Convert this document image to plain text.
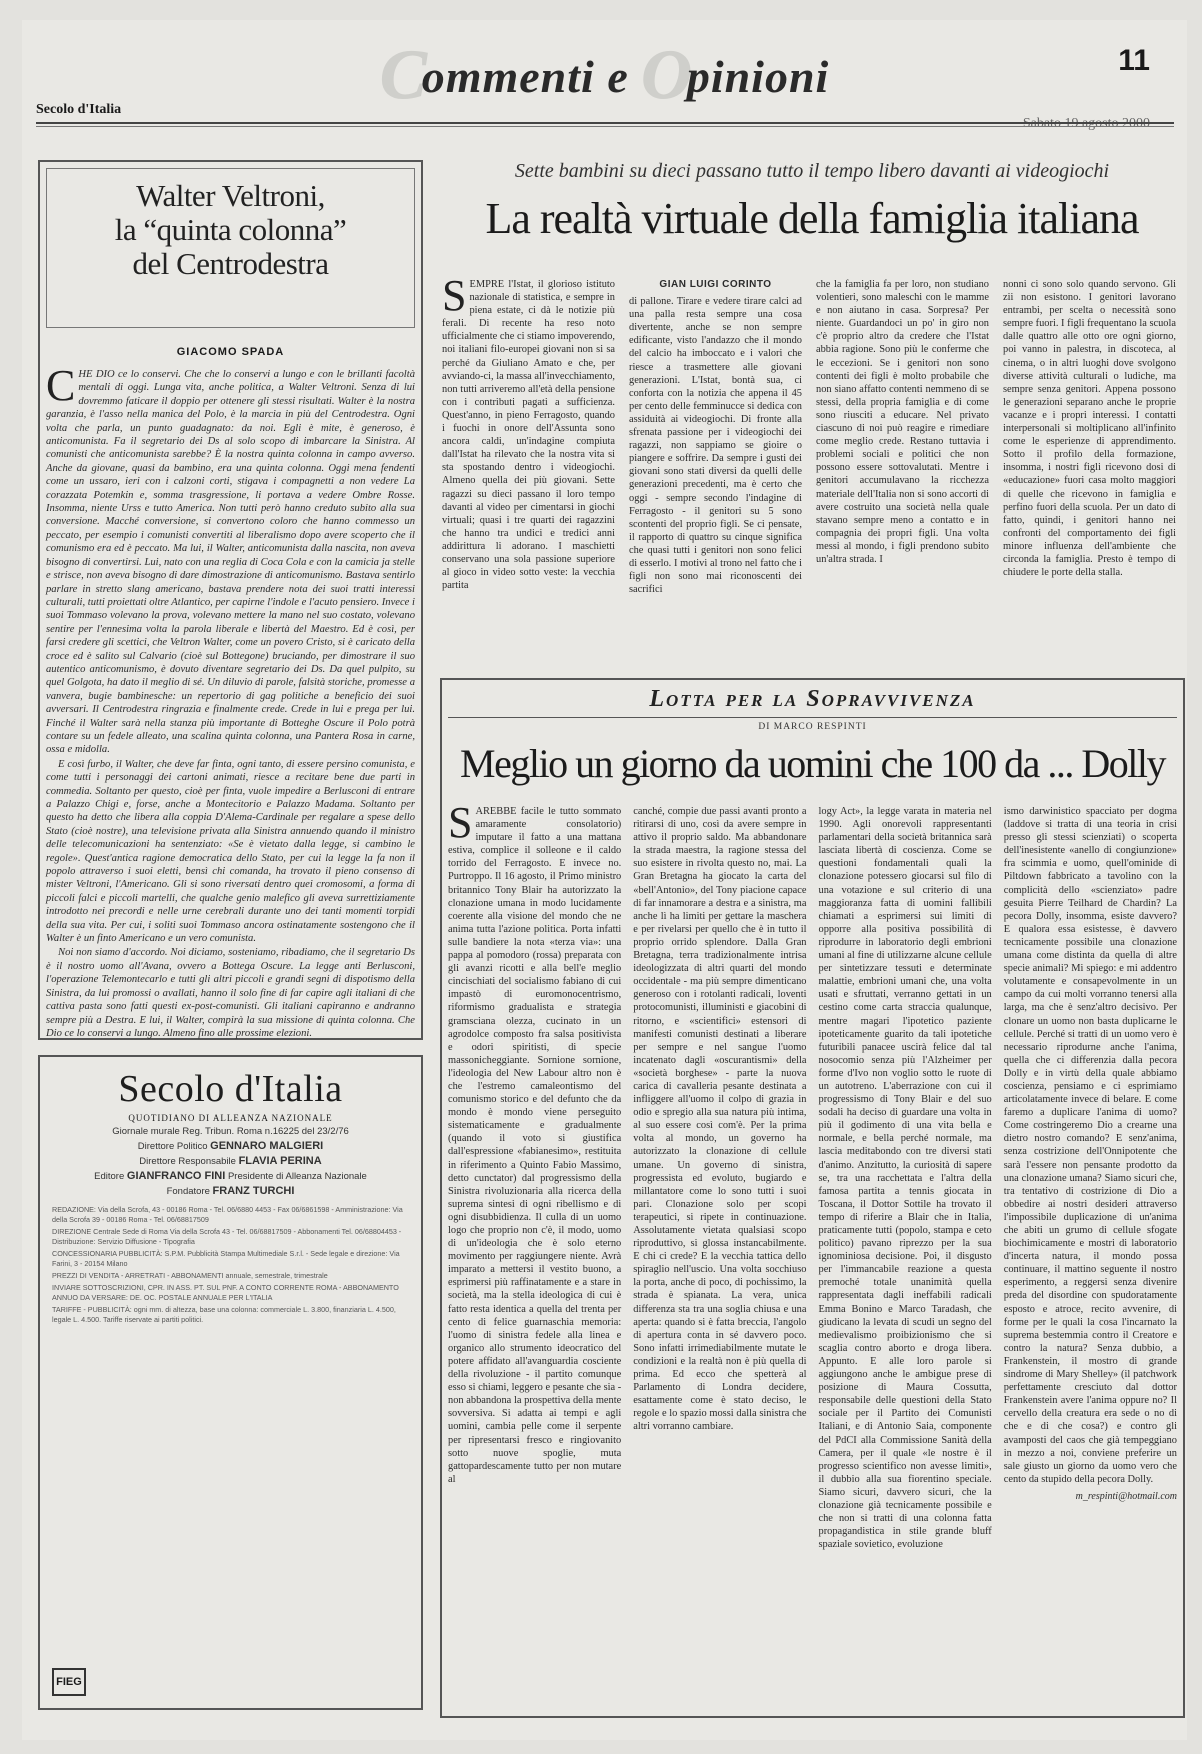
Commenti e Opinioni
Secolo d'Italia
11
Walter Veltroni,
la “quinta colonna”
del Centrodestra
GIACOMO SPADA

CHE DIO ce lo conservi. Che che lo conservi a lungo e con le brillanti facoltà mentali di oggi. Lunga vita, anche politica, a Walter Veltroni. Senza di lui dovremmo faticare il doppio per ottenere gli stessi risultati. Walter è la nostra garanzia, è l'asso nella manica del Polo, è la marcia in più del Centrodestra. Ogni volta che parla, un punto guadagnato: da noi. Egli è mite, è generoso, è anticomunista. Fa il segretario dei Ds al solo scopo di imbarcare la Sinistra. Al comunisti che anticomunista sarebbe? È la nostra quinta colonna in campo avverso. Anche da giovane, quasi da bambino, era una quinta colonna. Oggi mena fendenti come un ussaro, ieri con i calzoni corti, stigava i compagnetti a non vedere La corazzata Potemkin e, somma trasgressione, li portava a vedere Ombre Rosse. Insomma, niente Urss e tutto America. Non tutti però hanno creduto subito alla sua conversione. Macché conversione, si convertono coloro che hanno commesso un peccato, per esempio i comunisti convertiti al liberalismo dopo avere scoperto che il comunismo era ed è peccato. Ma lui, il Walter, anticomunista dalla nascita, non aveva bisogno di convertirsi. Lui, nato con una reglia di Coca Cola e con la camicia ja stelle e strisce, non aveva bisogno di dare dimostrazione di anticomunismo. Bastava sentirlo parlare in stretto slang americano, bastava prendere nota dei suoi tratti interessi culturali, tutti proiettati oltre Atlantico, per capirne l'indole e l'acuto pensiero. Invece i suoi Tommaso volevano la prova, volevano mettere la mano nel suo costato, volevano sentire per l'ennesima volta la parola liberale e libertà del Maestro. Ed è così, per farsi credere gli scettici, che Veltron Walter, come un povero Cristo, si è caricato della croce ed è salito sul Calvario (cioè sul Bottegone) bruciando, per dimostrare il suo autentico anticomunismo, è dovuto diventare segretario dei Ds. Da quel pulpito, su quel Golgota, ha dato il meglio di sé. Un diluvio di parole, falsità storiche, promesse a vanvera, bugie bambinesche: un repertorio di gag politiche a beneficio dei suoi avversari. Il Centrodestra ringrazia e finalmente crede. Crede in lui e prega per lui. Finché il Walter sarà nella stanza più importante di Botteghe Oscure il Polo potrà contare su un fedele alleato, una scalina quinta colonna, una Pantera Rosa in carne, ossa e midolla.

E così furbo, il Walter, che deve far finta, ogni tanto, di essere persino comunista, e come tutti i personaggi dei cartoni animati, riesce a recitare bene due parti in commedia. Soltanto per questo, cioè per finta, vuole impedire a Berlusconi di entrare a Palazzo Chigi e, forse, anche a Montecitorio e Palazzo Madama. Soltanto per questo ha detto che libera alla coppia D'Alema-Cardinale per regalare a spese dello Stato (cioè nostre), una televisione privata alla Sinistra annuendo quando il ministro delle telecomunicazioni ha sentenziato: «Se è vietato dalla legge, si cambino le regole». Quest'antica ragione democratica dello Stato, per cui la legge la fa non il popolo attraverso i suoi eletti, bensì chi comanda, ha trovato il pieno consenso di mister Veltroni, l'Americano. Gli si sono riversati dentro quei cromosomi, a forma di piccoli falci e piccoli martelli, che qualche genio malefico gli aveva surrettiziamente introdotto nei precordi e nelle urne cerebrali durante uno dei tanti momenti torpidi della sua vita. Per cui, i soliti suoi Tommaso ancora ostinatamente sostengono che il Walter è un finto Americano e un vero comunista.

Noi non siamo d'accordo. Noi diciamo, sosteniamo, ribadiamo, che il segretario Ds è il nostro uomo all'Avana, ovvero a Bottega Oscure. La legge anti Berlusconi, l'operazione Telemontecarlo e tutti gli altri piccoli e grandi segni di dispotismo della Sinistra, da lui promossi o avallati, hanno il solo fine di far capire agli italiani di che cattiva pasta sono fatti questi ex-post-comunisti. Gli italiani capiranno e andranno sempre più a Destra. E lui, il Walter, compirà la sua missione di quinta colonna. Che Dio ce lo conservi a lungo. Almeno fino alle prossime elezioni.

Secolo d'Italia
QUOTIDIANO DI ALLEANZA NAZIONALE
Giornale murale Reg. Tribun. Roma n.16225 del 23/2/76
Direttore Politico GENNARO MALGIERI
Direttore Responsabile FLAVIA PERINA
Editore GIANFRANCO FINI Presidente di Alleanza Nazionale
Fondatore FRANZ TURCHI

REDAZIONE: Via della Scrofa, 43 - 00186 Roma - Tel. 06/6880 4453 - Fax 06/6861598 - Amministrazione: Via della Scrofa 39 - 00186 Roma - Tel. 06/68817509

DIREZIONE Centrale Sede di Roma Via della Scrofa 43 - Tel. 06/68817509 - Abbonamenti Tel. 06/68804453 - Distribuzione: Servizio Diffusione - Tipografia

CONCESSIONARIA PUBBLICITÀ: S.P.M. Pubblicità Stampa Multimediale S.r.l. - Sede legale e direzione: Via Farini, 3 - 20154 Milano

PREZZI DI VENDITA - ARRETRATI - ABBONAMENTI annuale, semestrale, trimestrale

INVIARE SOTTOSCRIZIONI, CPR. IN ASS. PT. SUL PNF. A CONTO CORRENTE ROMA - ABBONAMENTO ANNUO DA VERSARE: DE. OC. POSTALE ANNUALE PER L'ITALIA

TARIFFE - PUBBLICITÀ: ogni mm. di altezza, base una colonna: commerciale L. 3.800, finanziaria L. 4.500, legale L. 4.500. Tariffe riservate ai partiti politici.

FIEG
Sette bambini su dieci passano tutto il tempo libero davanti ai videogiochi
La realtà virtuale della famiglia italiana

SEMPRE l'Istat, il glorioso istituto nazionale di statistica, e sempre in piena estate, ci dà le notizie più ferali. Di recente ha reso noto ufficialmente che ci stiamo impoverendo, noi italiani filo-europei giovani non si sa perché da Giuliano Amato e che, per avviando-ci, la massa all'invecchiamento, non tutti arriveremo all'età della pensione con i contributi pagati a sufficienza. Quest'anno, in pieno Ferragosto, quando i fuochi in onore dell'Assunta sono ancora caldi, un'indagine compiuta dall'Istat ha rilevato che la nostra vita si sta spostando dentro i videogiochi. Almeno quella dei più giovani. Sette ragazzi su dieci passano il loro tempo davanti al video per cimentarsi in giochi virtuali; quasi i tre quarti dei ragazzini che hanno tra undici e tredici anni addirittura li adorano. I maschietti conservano una sola passione superiore al gioco in video sotto veste: la vecchia partita

GIAN LUIGI CORINTO

di pallone. Tirare e vedere tirare calci ad una palla resta sempre una cosa divertente, anche se non sempre edificante, visto l'andazzo che il mondo del calcio ha imboccato e i valori che riesce a trasmettere alle giovani generazioni. L'Istat, bontà sua, ci conforta con la notizia che appena il 45 per cento delle femminucce si dedica con assiduità ai videogiochi. Di fronte alla sfrenata passione per i videogiochi dei ragazzi, non sappiamo se gioire o piangere e soffrire. Da sempre i gusti dei giovani sono stati diversi da quelli delle generazioni precedenti, ma è certo che oggi - sempre secondo l'indagine di Ferragosto - il genitori su 5 sono scontenti del proprio figli. Se ci pensate, il rapporto di quattro su cinque significa che quasi tutti i genitori non sono felici di esserlo. I motivi al trono nel fatto che i figli non sono mai riconoscenti dei sacrifici

che la famiglia fa per loro, non studiano volentieri, sono maleschi con le mamme e non aiutano in casa. Sorpresa? Per niente. Guardandoci un po' in giro non c'è proprio altro da credere che l'Istat abbia ragione. Sono più le conferme che le eccezioni. Se i genitori non sono contenti dei figli è molto probabile che non siano affatto contenti nemmeno di se stessi, della propria famiglia e di come sono riusciti a educare. Nel privato ciascuno di noi può reagire e rimediare come meglio crede. Restano tuttavia i problemi sociali e politici che non possono essere sottovalutati. Mentre i genitori accumulavano la ricchezza materiale dell'Italia non si sono accorti di avere costruito una società nella quale stavano sempre meno a contatto e in compagnia dei propri figli. Una volta messi al mondo, i figli prendono subito un'altra strada. I

nonni ci sono solo quando servono. Gli zii non esistono. I genitori lavorano entrambi, per scelta o necessità sono sempre fuori. I figli frequentano la scuola dalle quattro alle otto ore ogni giorno, poi vanno in palestra, in discoteca, al cinema, o in altri luoghi dove svolgono diverse attività culturali o ludiche, ma sempre senza genitori. Appena possono le generazioni separano anche le proprie vacanze e i propri interessi. I contatti interpersonali si moltiplicano all'infinito come le esperienze di apprendimento. Sotto il profilo della formazione, insomma, i nostri figli ricevono dosi di «educazione» fuori casa molto maggiori di quelle che ricevono in famiglia e perfino fuori della scuola. Per un dato di fatto, quindi, i genitori hanno nei confronti del comportamento dei figli minore influenza dell'ambiente che circonda la famiglia. Presto è tempo di chiudere le porte della stalla.

Lotta per la Sopravvivenza
DI MARCO RESPINTI
Meglio un giorno da uomini che 100 da ... Dolly

SAREBBE facile le tutto sommato amaramente consolatorio) imputare il fatto a una mattana estiva, complice il solleone e il caldo torrido del Ferragosto. E invece no. Purtroppo. Il 16 agosto, il Primo ministro britannico Tony Blair ha autorizzato la clonazione umana in modo lucidamente coerente alla visione del mondo che ne anima tutta l'azione politica. Porta infatti sulle bandiere la nota «terza via»: una pappa al pomodoro (rossa) preparata con gli avanzi ricotti e alla bell'e meglio cincischiati del socialismo fabiano di cui impastò di euromonocentrismo, riformismo gradualista e strategia gramsciana olezza, cucinato in un agrodolce composto fra salsa positivista e odori spiritisti, di specie massonicheggiante. Sornione sornione, l'ideologia del New Labour altro non è che l'estremo camaleontismo del comunismo storico e del defunto che da mondo è mondo viene perseguito sistematicamente e gradualmente (quando il voto si giustifica dall'espressione «fabianesimo», restituita in riferimento a Quinto Fabio Massimo, detto cunctator) dal progressismo della Sinistra rivoluzionaria alla ricerca della suprema sintesi di ogni ribellismo e di ogni disubbidienza. Il culla di un uomo logo che proprio non c'è, il modo, uomo di un'ideologia che è solo eterno movimento per raggiungere niente. Avrà imparato a mettersi il vestito buono, a esprimersi più raffinatamente e a stare in società, ma la stella ideologica di cui è fatto resta identica a quella del trenta per cento di felice guarnaschia memoria: l'uomo di sinistra fedele alla linea e organico allo strumento ideocratico del potere affidato all'avanguardia cosciente della rivoluzione - il partito comunque esso si chiami, leggero e pesante che sia - non abbandona la prospettiva della mente sovversiva. Si adatta ai tempi e agli uomini, cambia pelle come il serpente per ripresentarsi fresco e ringiovanito sotto nuove spoglie, muta gattopardescamente tutto per non mutare al

canché, compie due passi avanti pronto a ritirarsi di uno, così da avere sempre in attivo il proprio saldo. Ma abbandonare la strada maestra, la ragione stessa del suo esistere in rivolta questo no, mai. La Gran Bretagna ha giocato la carta del «bell'Antonio», del Tony piacione capace di far innamorare a destra e a sinistra, ma anche lì ha limiti per gettare la maschera e per rivelarsi per quello che è in tutto il proprio orrido splendore. Dalla Gran Bretagna, terra tradizionalmente intrisa ideologizzata di altri quarti del mondo occidentale - ma più sempre dimenticano generoso con i rotolanti radicali, loventi protocomunisti, illuministi e giacobini di ritorno, e «scientifici» estensori di manifesti comunisti destinati a liberare per sempre e nel sangue l'uomo incatenato dagli «oscurantismi» della «società borghese» - parte la nuova carica di cavalleria pesante destinata a infliggere all'uomo il colpo di grazia in odio e spregio alla sua natura più intima, al suo essere così com'è. Per la prima volta al mondo, un governo ha autorizzato la clonazione di cellule umane. Un governo di sinistra, progressista ed evoluto, bugiardo e millantatore come lo sono tutti i suoi pari. Clonazione solo per scopi terapeutici, si ripete in continuazione. Assolutamente vietata qualsiasi scopo riproduttivo, si glossa instancabilmente. E chi ci crede? E la vecchia tattica dello spiraglio nell'uscio. Una volta socchiuso la porta, anche di poco, di pochissimo, la strada è spianata. La vera, unica differenza sta tra una soglia chiusa e una aperta: quando si è fatta breccia, l'angolo di apertura conta in sé davvero poco. Sono infatti irrimediabilmente mutate le condizioni e la realtà non è più quella di prima. Ed ecco che spetterà al Parlamento di Londra decidere, esattamente come è stato deciso, le regole e lo spazio mossi dalla sinistra che altri vorranno cambiare.

logy Act», la legge varata in materia nel 1990. Agli onorevoli rappresentanti parlamentari della società britannica sarà lasciata libertà di coscienza. Come se questioni fondamentali quali la clonazione potessero giocarsi sul filo di una votazione e sul criterio di una maggioranza fatta di uomini fallibili chiamati a esprimersi sui limiti di opporre alla positiva possibilità di riprodurre in laboratorio degli embrioni umani al fine di utilizzarne alcune cellule per sintetizzare tessuti e determinate malattie, embrioni umani che, una volta usati e sfruttati, verranno gettati in un cestino come carta straccia qualunque, mentre magari l'ipotetico paziente ipoteticamente guarito da tali ipotetiche futuribili panacee uscirà felice dal tal nosocomio senza più l'Alzheimer per forme d'Ivo non voglio sotto le ruote di un autotreno. L'aberrazione con cui il progressismo di Tony Blair e del suo sodali ha deciso di guardare una volta in più il godimento di una vita bella e normale, e bella perché normale, ma lascia meditabondo con tre diversi stati d'animo. Anzitutto, la curiosità di sapere se, tra una racchettata e l'altra della famosa partita a tennis giocata in Toscana, il Dottor Sottile ha trovato il tempo di riferire a Blair che in Italia, praticamente tutti (popolo, stampa e ceto politico) pavano riprezzo per la sua ignominiosa decisione. Poi, il disgusto per l'immancabile reazione a questa premoché totale unanimità quella rappresentata dagli ineffabili radicali Emma Bonino e Marco Taradash, che giudicano la levata di scudi un segno del medievalismo proibizionismo che si scaglia contro aborto e droga libera. Appunto. E alle loro parole si aggiungono anche le ambigue prese di posizione di Maura Cossutta, responsabile delle questioni della Stato sociale per il Partito dei Comunisti Italiani, e di Antonio Saia, componente del PdCI alla Commissione Sanità della Camera, per il quale «le nostre è il progresso scientifico non avesse limiti», il dubbio alla sua fiorentino speciale. Siamo sicuri, davvero sicuri, che la clonazione già tecnicamente possibile e che non si tratti di una colonna fatta propagandistica in stile grande bluff spaziale sovietico, evoluzione

ismo darwinistico spacciato per dogma (laddove si tratta di una teoria in crisi presso gli stessi scienziati) o scoperta dell'inesistente «anello di congiunzione» fra scimmia e uomo, quell'ominide di Piltdown fabbricato a tavolino con la complicità dello «scienziato» padre gesuita Pierre Teilhard de Chardin? La pecora Dolly, insomma, esiste davvero? E qualora essa esistesse, è davvero tecnicamente possibile una clonazione umana come distinta da quella di altre specie animali? Mi spiego: e mi addentro volutamente e consapevolmente in un campo da cui molti vorranno tenersi alla larga, ma che è senz'altro decisivo. Per clonare un uomo non basta duplicarne le cellule. Perché si tratti di un uomo vero è necessario riprodurne anche l'anima, quella che ci differenzia dalla pecora Dolly e in virtù della quale abbiamo coscienza, pensiamo e ci esprimiamo articolatamente invece di belare. E come faremo a duplicare l'anima di uomo? Come costringeremo Dio a crearne una dietro nostro comando? E senz'anima, senza costrizione dell'Onnipotente che sarà l'essere non pensante prodotto da una clonazione umana? Siamo sicuri che, tra tentativo di costrizione di Dio a obbedire ai nostri desideri attraverso l'impossibile duplicazione di un'anima che abiti un grumo di cellule sfogate biochimicamente e mostri di laboratorio d'incerta natura, il mondo possa continuare, il mattino seguente il nostro esperimento, a reggersi senza divenire preda del disordine con spudoratamente esposto e atroce, recito avvenire, di forme per le quali la cosa l'incarnato la suprema bestemmia contro il Creatore e contro la natura? Senza dubbio, a Frankenstein, il mostro di grande sindrome di Mary Shelley» (il patchwork perfettamente cresciuto dal dottor Frankenstein avere l'anima oppure no? Il cervello della creatura era sede o no di che e di che cosa?) e contro gli avamposti del caos che già tempeggiano in mezzo a noi, conviene preferire un sale giusto un giorno da uomo vero che cento da stupido della pecora Dolly.

m_respinti@hotmail.com
